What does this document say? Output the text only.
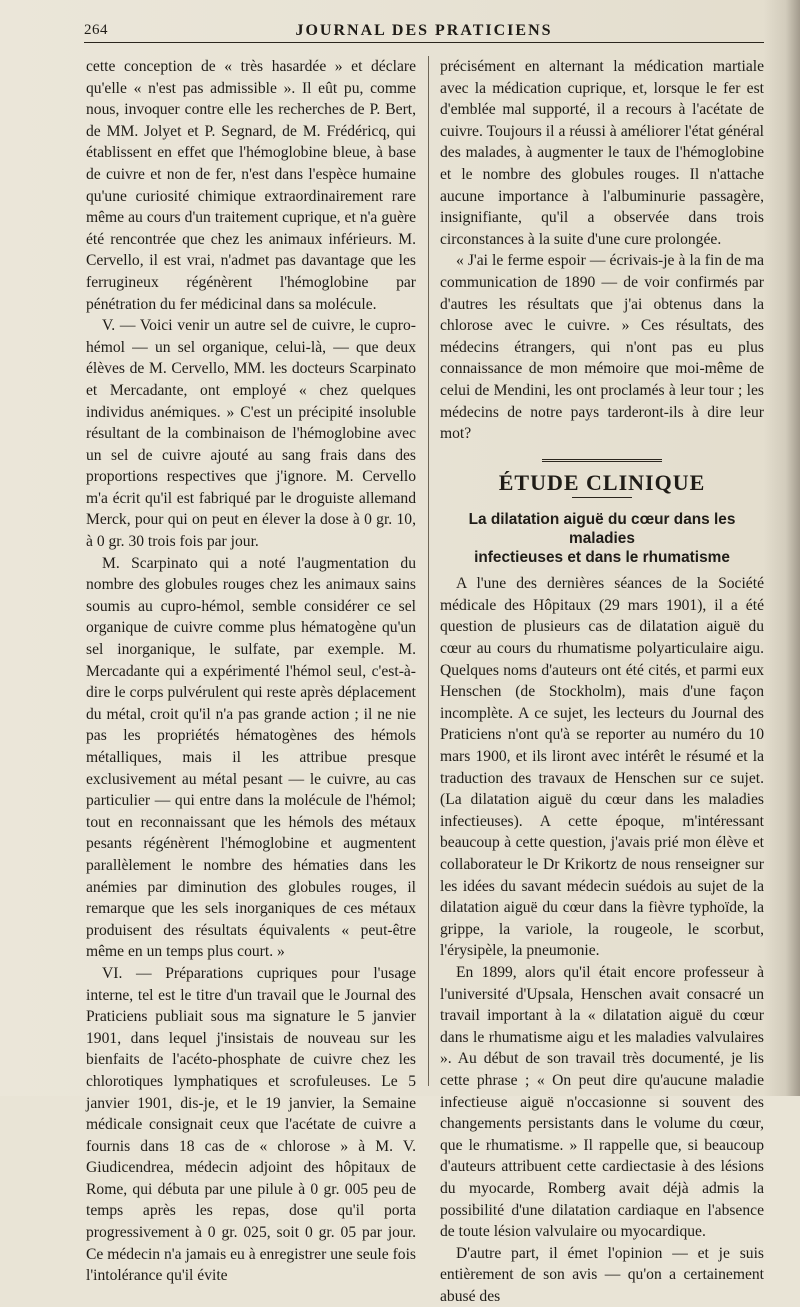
264	JOURNAL DES PRATICIENS

cette conception de « très hasardée » et déclare qu'elle « n'est pas admissible ». Il eût pu, comme nous, invoquer contre elle les recherches de P. Bert, de MM. Jolyet et P. Segnard, de M. Frédéricq, qui établissent en effet que l'hémoglobine bleue, à base de cuivre et non de fer, n'est dans l'espèce humaine qu'une curiosité chimique extraordinairement rare même au cours d'un traitement cuprique, et n'a guère été rencontrée que chez les animaux inférieurs. M. Cervello, il est vrai, n'admet pas davantage que les ferrugineux régénèrent l'hémoglobine par pénétration du fer médicinal dans sa molécule.

V. — Voici venir un autre sel de cuivre, le cupro-hémol — un sel organique, celui-là, — que deux élèves de M. Cervello, MM. les docteurs Scarpinato et Mercadante, ont employé « chez quelques individus anémiques. » C'est un précipité insoluble résultant de la combinaison de l'hémoglobine avec un sel de cuivre ajouté au sang frais dans des proportions respectives que j'ignore. M. Cervello m'a écrit qu'il est fabriqué par le droguiste allemand Merck, pour qui on peut en élever la dose à 0 gr. 10, à 0 gr. 30 trois fois par jour.

M. Scarpinato qui a noté l'augmentation du nombre des globules rouges chez les animaux sains soumis au cupro-hémol, semble considérer ce sel organique de cuivre comme plus hématogène qu'un sel inorganique, le sulfate, par exemple. M. Mercadante qui a expérimenté l'hémol seul, c'est-à-dire le corps pulvérulent qui reste après déplacement du métal, croit qu'il n'a pas grande action ; il ne nie pas les propriétés hématogènes des hémols métalliques, mais il les attribue presque exclusivement au métal pesant — le cuivre, au cas particulier — qui entre dans la molécule de l'hémol; tout en reconnaissant que les hémols des métaux pesants régénèrent l'hémoglobine et augmentent parallèlement le nombre des hématies dans les anémies par diminution des globules rouges, il remarque que les sels inorganiques de ces métaux produisent des résultats équivalents « peut-être même en un temps plus court. »

VI. — Préparations cupriques pour l'usage interne, tel est le titre d'un travail que le Journal des Praticiens publiait sous ma signature le 5 janvier 1901, dans lequel j'insistais de nouveau sur les bienfaits de l'acéto-phosphate de cuivre chez les chlorotiques lymphatiques et scrofuleuses. Le 5 janvier 1901, dis-je, et le 19 janvier, la Semaine médicale consignait ceux que l'acétate de cuivre a fournis dans 18 cas de « chlorose » à M. V. Giudicendrea, médecin adjoint des hôpitaux de Rome, qui débuta par une pilule à 0 gr. 005 peu de temps après les repas, dose qu'il porta progressivement à 0 gr. 025, soit 0 gr. 05 par jour. Ce médecin n'a jamais eu à enregistrer une seule fois l'intolérance qu'il évite

précisément en alternant la médication martiale avec la médication cuprique, et, lorsque le fer est d'emblée mal supporté, il a recours à l'acétate de cuivre. Toujours il a réussi à améliorer l'état général des malades, à augmenter le taux de l'hémoglobine et le nombre des globules rouges. Il n'attache aucune importance à l'albuminurie passagère, insignifiante, qu'il a observée dans trois circonstances à la suite d'une cure prolongée.

« J'ai le ferme espoir — écrivais-je à la fin de ma communication de 1890 — de voir confirmés par d'autres les résultats que j'ai obtenus dans la chlorose avec le cuivre. » Ces résultats, des médecins étrangers, qui n'ont pas eu plus connaissance de mon mémoire que moi-même de celui de Mendini, les ont proclamés à leur tour ; les médecins de notre pays tarderont-ils à dire leur mot?

ÉTUDE CLINIQUE
La dilatation aiguë du cœur dans les maladies
infectieuses et dans le rhumatisme

A l'une des dernières séances de la Société médicale des Hôpitaux (29 mars 1901), il a été question de plusieurs cas de dilatation aiguë du cœur au cours du rhumatisme polyarticulaire aigu. Quelques noms d'auteurs ont été cités, et parmi eux Henschen (de Stockholm), mais d'une façon incomplète. A ce sujet, les lecteurs du Journal des Praticiens n'ont qu'à se reporter au numéro du 10 mars 1900, et ils liront avec intérêt le résumé et la traduction des travaux de Henschen sur ce sujet. (La dilatation aiguë du cœur dans les maladies infectieuses). A cette époque, m'intéressant beaucoup à cette question, j'avais prié mon élève et collaborateur le Dr Krikortz de nous renseigner sur les idées du savant médecin suédois au sujet de la dilatation aiguë du cœur dans la fièvre typhoïde, la grippe, la variole, la rougeole, le scorbut, l'érysipèle, la pneumonie.

En 1899, alors qu'il était encore professeur à l'université d'Upsala, Henschen avait consacré un travail important à la « dilatation aiguë du cœur dans le rhumatisme aigu et les maladies valvulaires ». Au début de son travail très documenté, je lis cette phrase ; « On peut dire qu'aucune maladie infectieuse aiguë n'occasionne si souvent des changements persistants dans le volume du cœur, que le rhumatisme. » Il rappelle que, si beaucoup d'auteurs attribuent cette cardiectasie à des lésions du myocarde, Romberg avait déjà admis la possibilité d'une dilatation cardiaque en l'absence de toute lésion valvulaire ou myocardique.

D'autre part, il émet l'opinion — et je suis entièrement de son avis — qu'on a certainement abusé des
